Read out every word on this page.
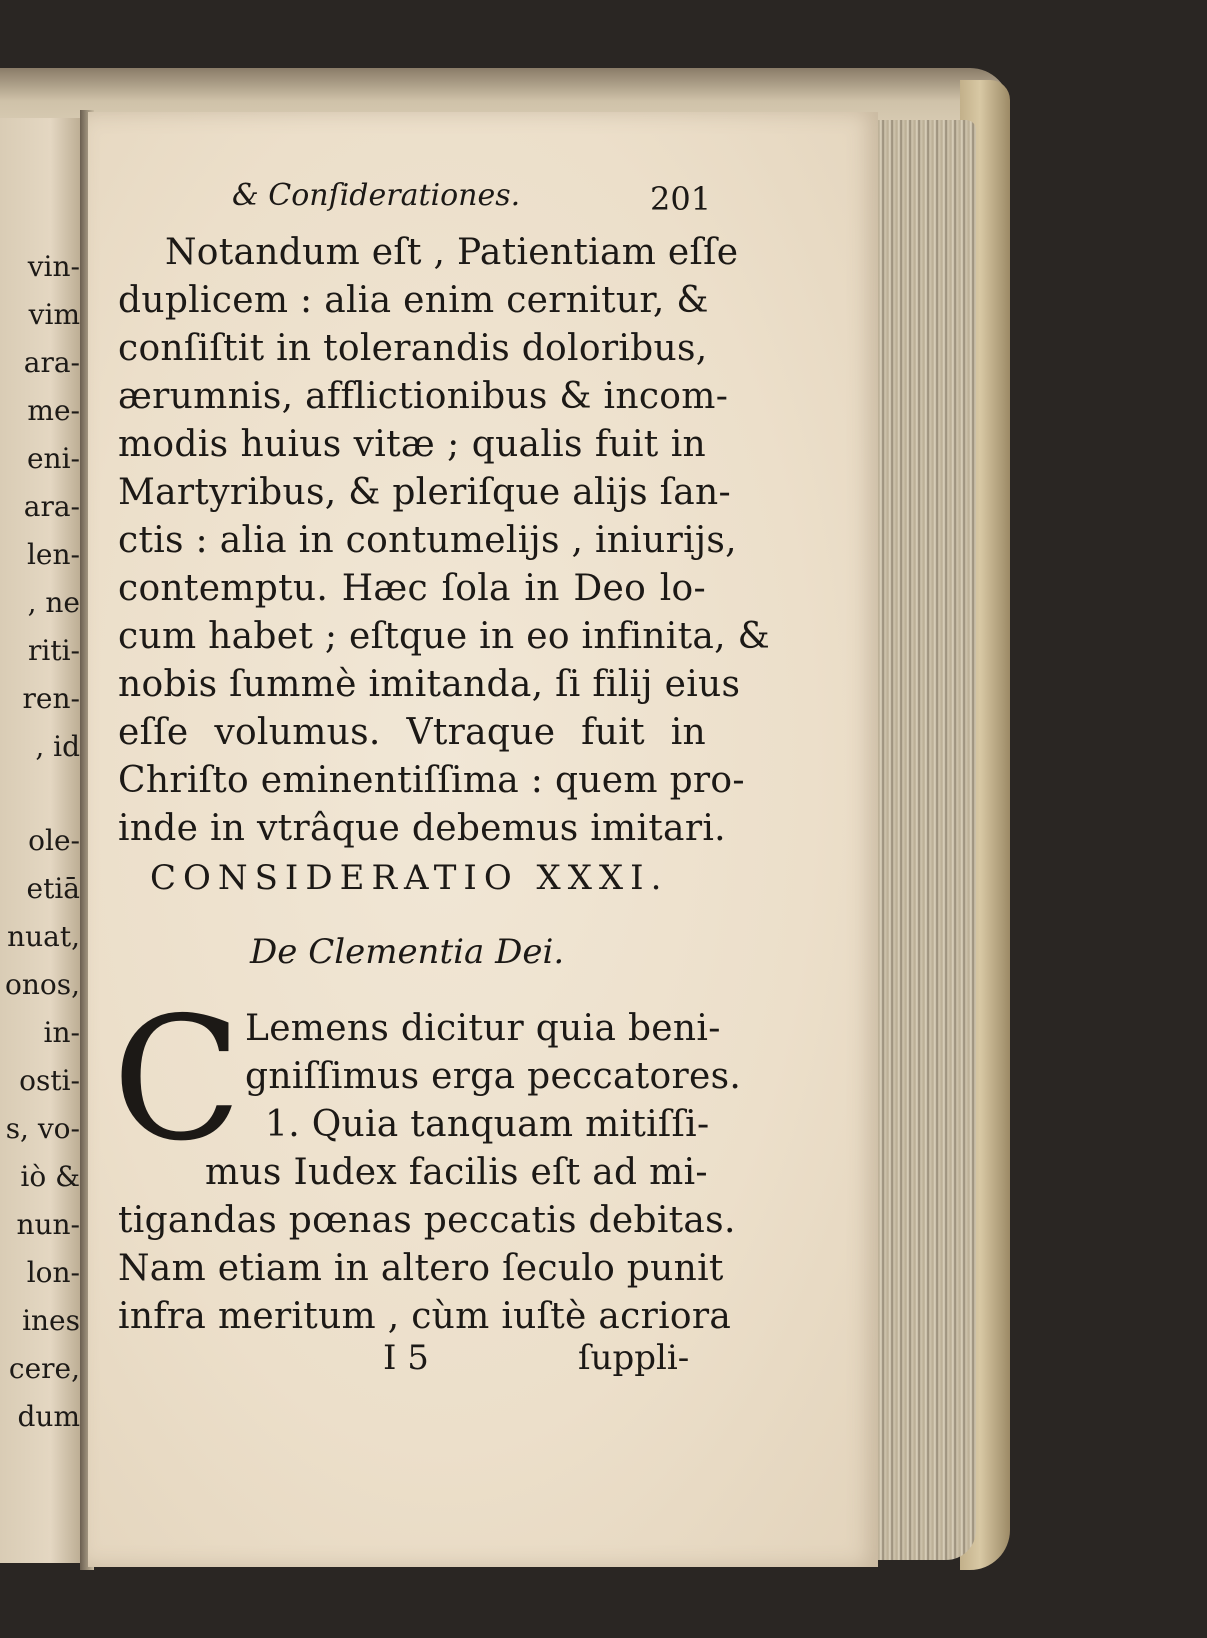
vin-
vim
ara-
me-
eni-
ara-
len-
, ne
riti-
ren-
, id
ole-
etiā
nuat,
onos,
in-
osti-
s, vo-
iò &
nun-
lon-
ines
cere,
dum
& Conſiderationes.	201
Notandum eſt , Patientiam eſſe
duplicem : alia enim cernitur, &
conſiſtit in tolerandis doloribus,
ærumnis, afflictionibus & incom-
modis huius vitæ ; qualis fuit in
Martyribus, & pleriſque alijs ſan-
ctis : alia in contumelijs , iniurijs,
contemptu. Hæc ſola in Deo lo-
cum habet ; eſtque in eo infinita, &
nobis ſummè imitanda, ſi filij eius
eſſe volumus. Vtraque fuit in
Chriſto eminentiſſima : quem pro-
inde in vtrâque debemus imitari.
CONSIDERATIO XXXI.
De Clementia Dei.
C Lemens dicitur quia beni-
gniſſimus erga peccatores.
1. Quia tanquam mitiſſi-
mus Iudex facilis eſt ad mi-
tigandas pœnas peccatis debitas.
Nam etiam in altero ſeculo punit
infra meritum , cùm iuſtè acriora
I 5	ſuppli-
